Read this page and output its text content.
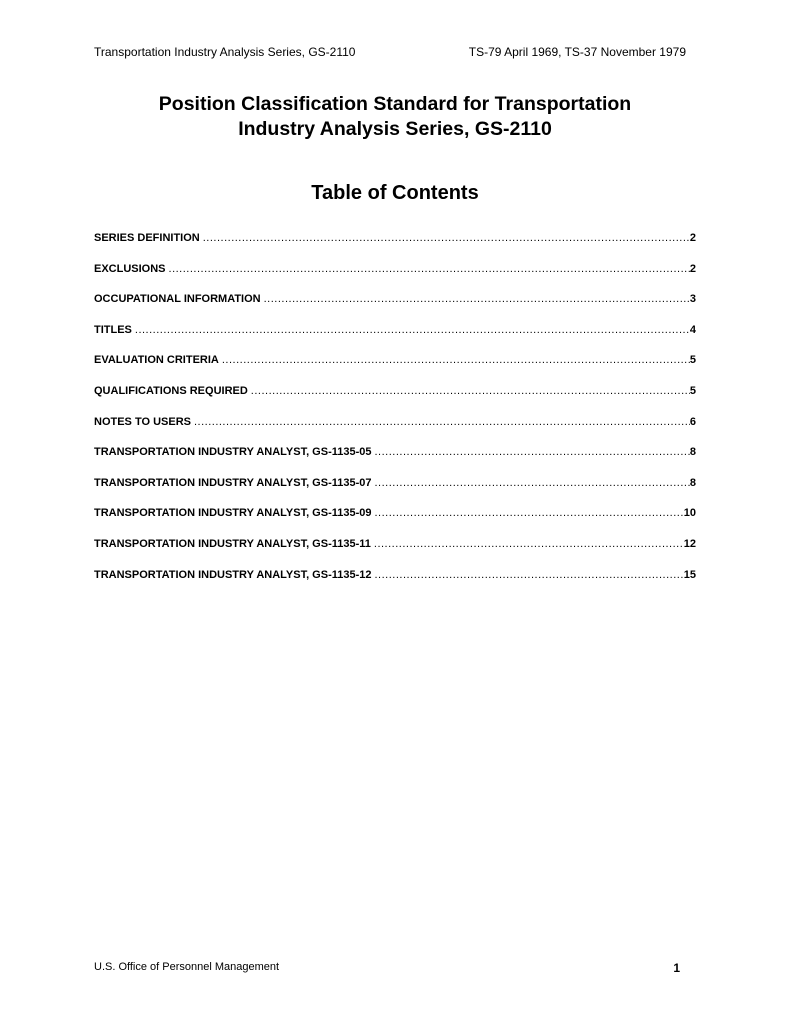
Transportation Industry Analysis Series, GS-2110	TS-79 April 1969, TS-37 November 1979
Position Classification Standard for Transportation
Industry Analysis Series, GS-2110
Table of Contents
SERIES DEFINITION .....	2
EXCLUSIONS .....	2
OCCUPATIONAL INFORMATION .....	3
TITLES .....	4
EVALUATION CRITERIA .....	5
QUALIFICATIONS REQUIRED .....	5
NOTES TO USERS .....	6
TRANSPORTATION INDUSTRY ANALYST, GS-1135-05 .....	8
TRANSPORTATION INDUSTRY ANALYST, GS-1135-07 .....	8
TRANSPORTATION INDUSTRY ANALYST, GS-1135-09 .....	10
TRANSPORTATION INDUSTRY ANALYST, GS-1135-11 .....	12
TRANSPORTATION INDUSTRY ANALYST, GS-1135-12 .....	15
U.S. Office of Personnel Management	1
